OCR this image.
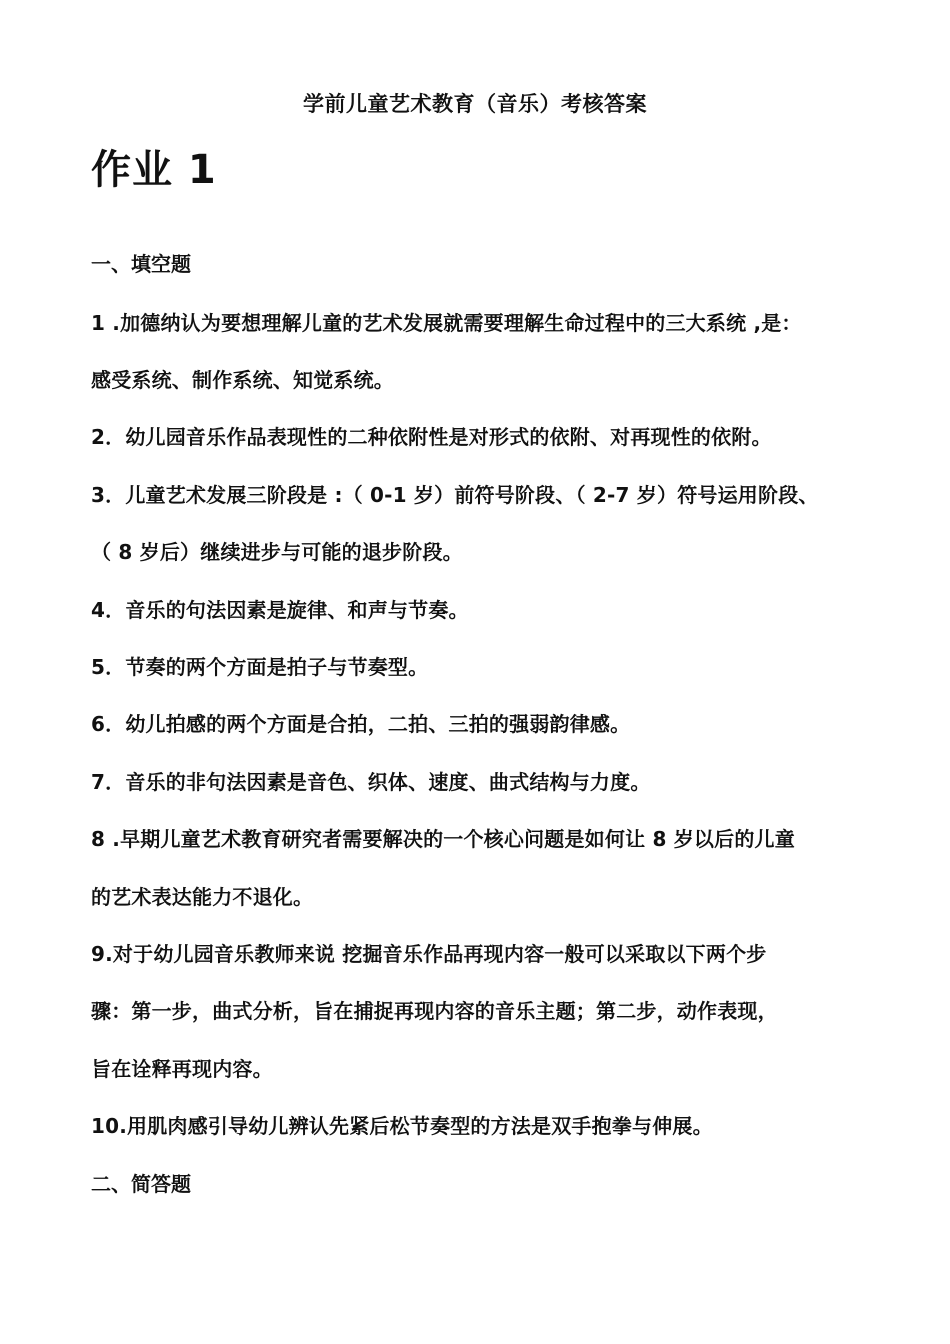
学前儿童艺术教育（音乐）考核答案
作业 1
一、填空题
1 .加德纳认为要想理解儿童的艺术发展就需要理解生命过程中的三大系统 ,是：
感受系统、制作系统、知觉系统。
2．幼儿园音乐作品表现性的二种依附性是对形式的依附、对再现性的依附。
3．儿童艺术发展三阶段是 :（ 0-1 岁）前符号阶段、（ 2-7 岁）符号运用阶段、
（ 8 岁后）继续进步与可能的退步阶段。
4．音乐的句法因素是旋律、和声与节奏。
5．节奏的两个方面是拍子与节奏型。
6．幼儿拍感的两个方面是合拍，二拍、三拍的强弱韵律感。
7．音乐的非句法因素是音色、织体、速度、曲式结构与力度。
8 .早期儿童艺术教育研究者需要解决的一个核心问题是如何让 8 岁以后的儿童
的艺术表达能力不退化。
9.对于幼儿园音乐教师来说 挖掘音乐作品再现内容一般可以采取以下两个步
骤：第一步，曲式分析，旨在捕捉再现内容的音乐主题；第二步，动作表现，
旨在诠释再现内容。
10.用肌肉感引导幼儿辨认先紧后松节奏型的方法是双手抱拳与伸展。
二、简答题
